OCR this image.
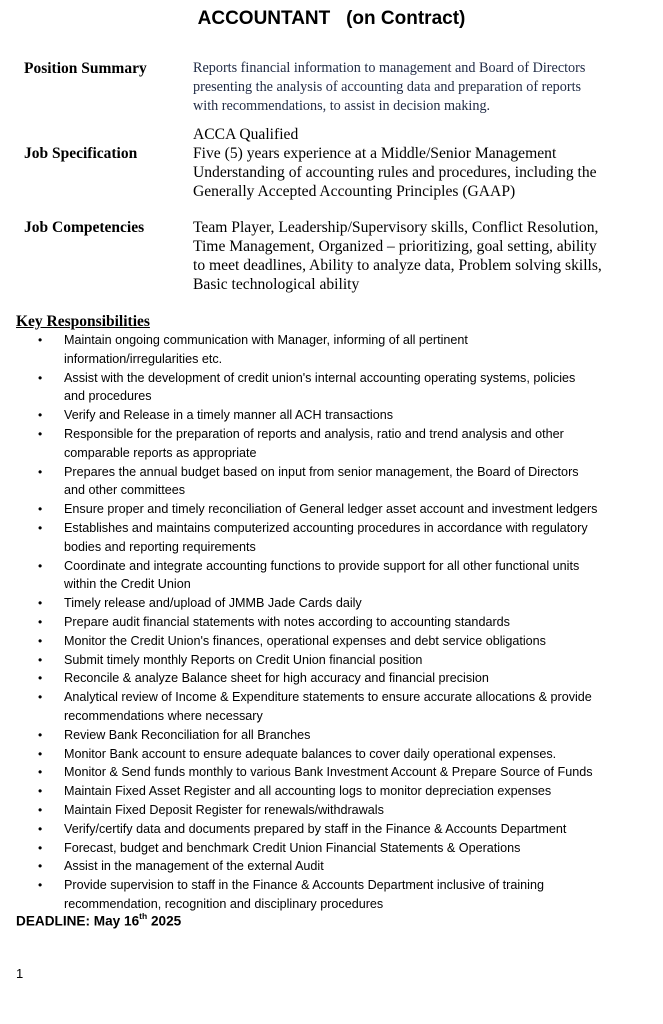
ACCOUNTANT   (on Contract)
Position Summary	Reports financial information to management and Board of Directors
presenting the analysis of accounting data and preparation of reports
with recommendations, to assist in decision making.
Job Specification
ACCA Qualified
Five (5) years experience at a Middle/Senior Management
Understanding of accounting rules and procedures, including the
Generally Accepted Accounting Principles (GAAP)
Job Competencies	Team Player, Leadership/Supervisory skills, Conflict Resolution,
Time Management, Organized – prioritizing, goal setting, ability
to meet deadlines, Ability to analyze data, Problem solving skills,
Basic technological ability
Key Responsibilities
• Maintain ongoing communication with Manager, informing of all pertinent
information/irregularities etc.
• Assist with the development of credit union's internal accounting operating systems, policies
and procedures
• Verify and Release in a timely manner all ACH transactions
• Responsible for the preparation of reports and analysis, ratio and trend analysis and other
comparable reports as appropriate
• Prepares the annual budget based on input from senior management, the Board of Directors
and other committees
• Ensure proper and timely reconciliation of General ledger asset account and investment ledgers
• Establishes and maintains computerized accounting procedures in accordance with regulatory
bodies and reporting requirements
• Coordinate and integrate accounting functions to provide support for all other functional units
within the Credit Union
• Timely release and/upload of JMMB Jade Cards daily
• Prepare audit financial statements with notes according to accounting standards
• Monitor the Credit Union's finances, operational expenses and debt service obligations
• Submit timely monthly Reports on Credit Union financial position
• Reconcile & analyze Balance sheet for high accuracy and financial precision
• Analytical review of Income & Expenditure statements to ensure accurate allocations & provide
recommendations where necessary
• Review Bank Reconciliation for all Branches
• Monitor Bank account to ensure adequate balances to cover daily operational expenses.
• Monitor & Send funds monthly to various Bank Investment Account & Prepare Source of Funds
• Maintain Fixed Asset Register and all accounting logs to monitor depreciation expenses
• Maintain Fixed Deposit Register for renewals/withdrawals
• Verify/certify data and documents prepared by staff in the Finance & Accounts Department
• Forecast, budget and benchmark Credit Union Financial Statements & Operations
• Assist in the management of the external Audit
• Provide supervision to staff in the Finance & Accounts Department inclusive of training
recommendation, recognition and disciplinary procedures
DEADLINE: May 16th 2025
1
